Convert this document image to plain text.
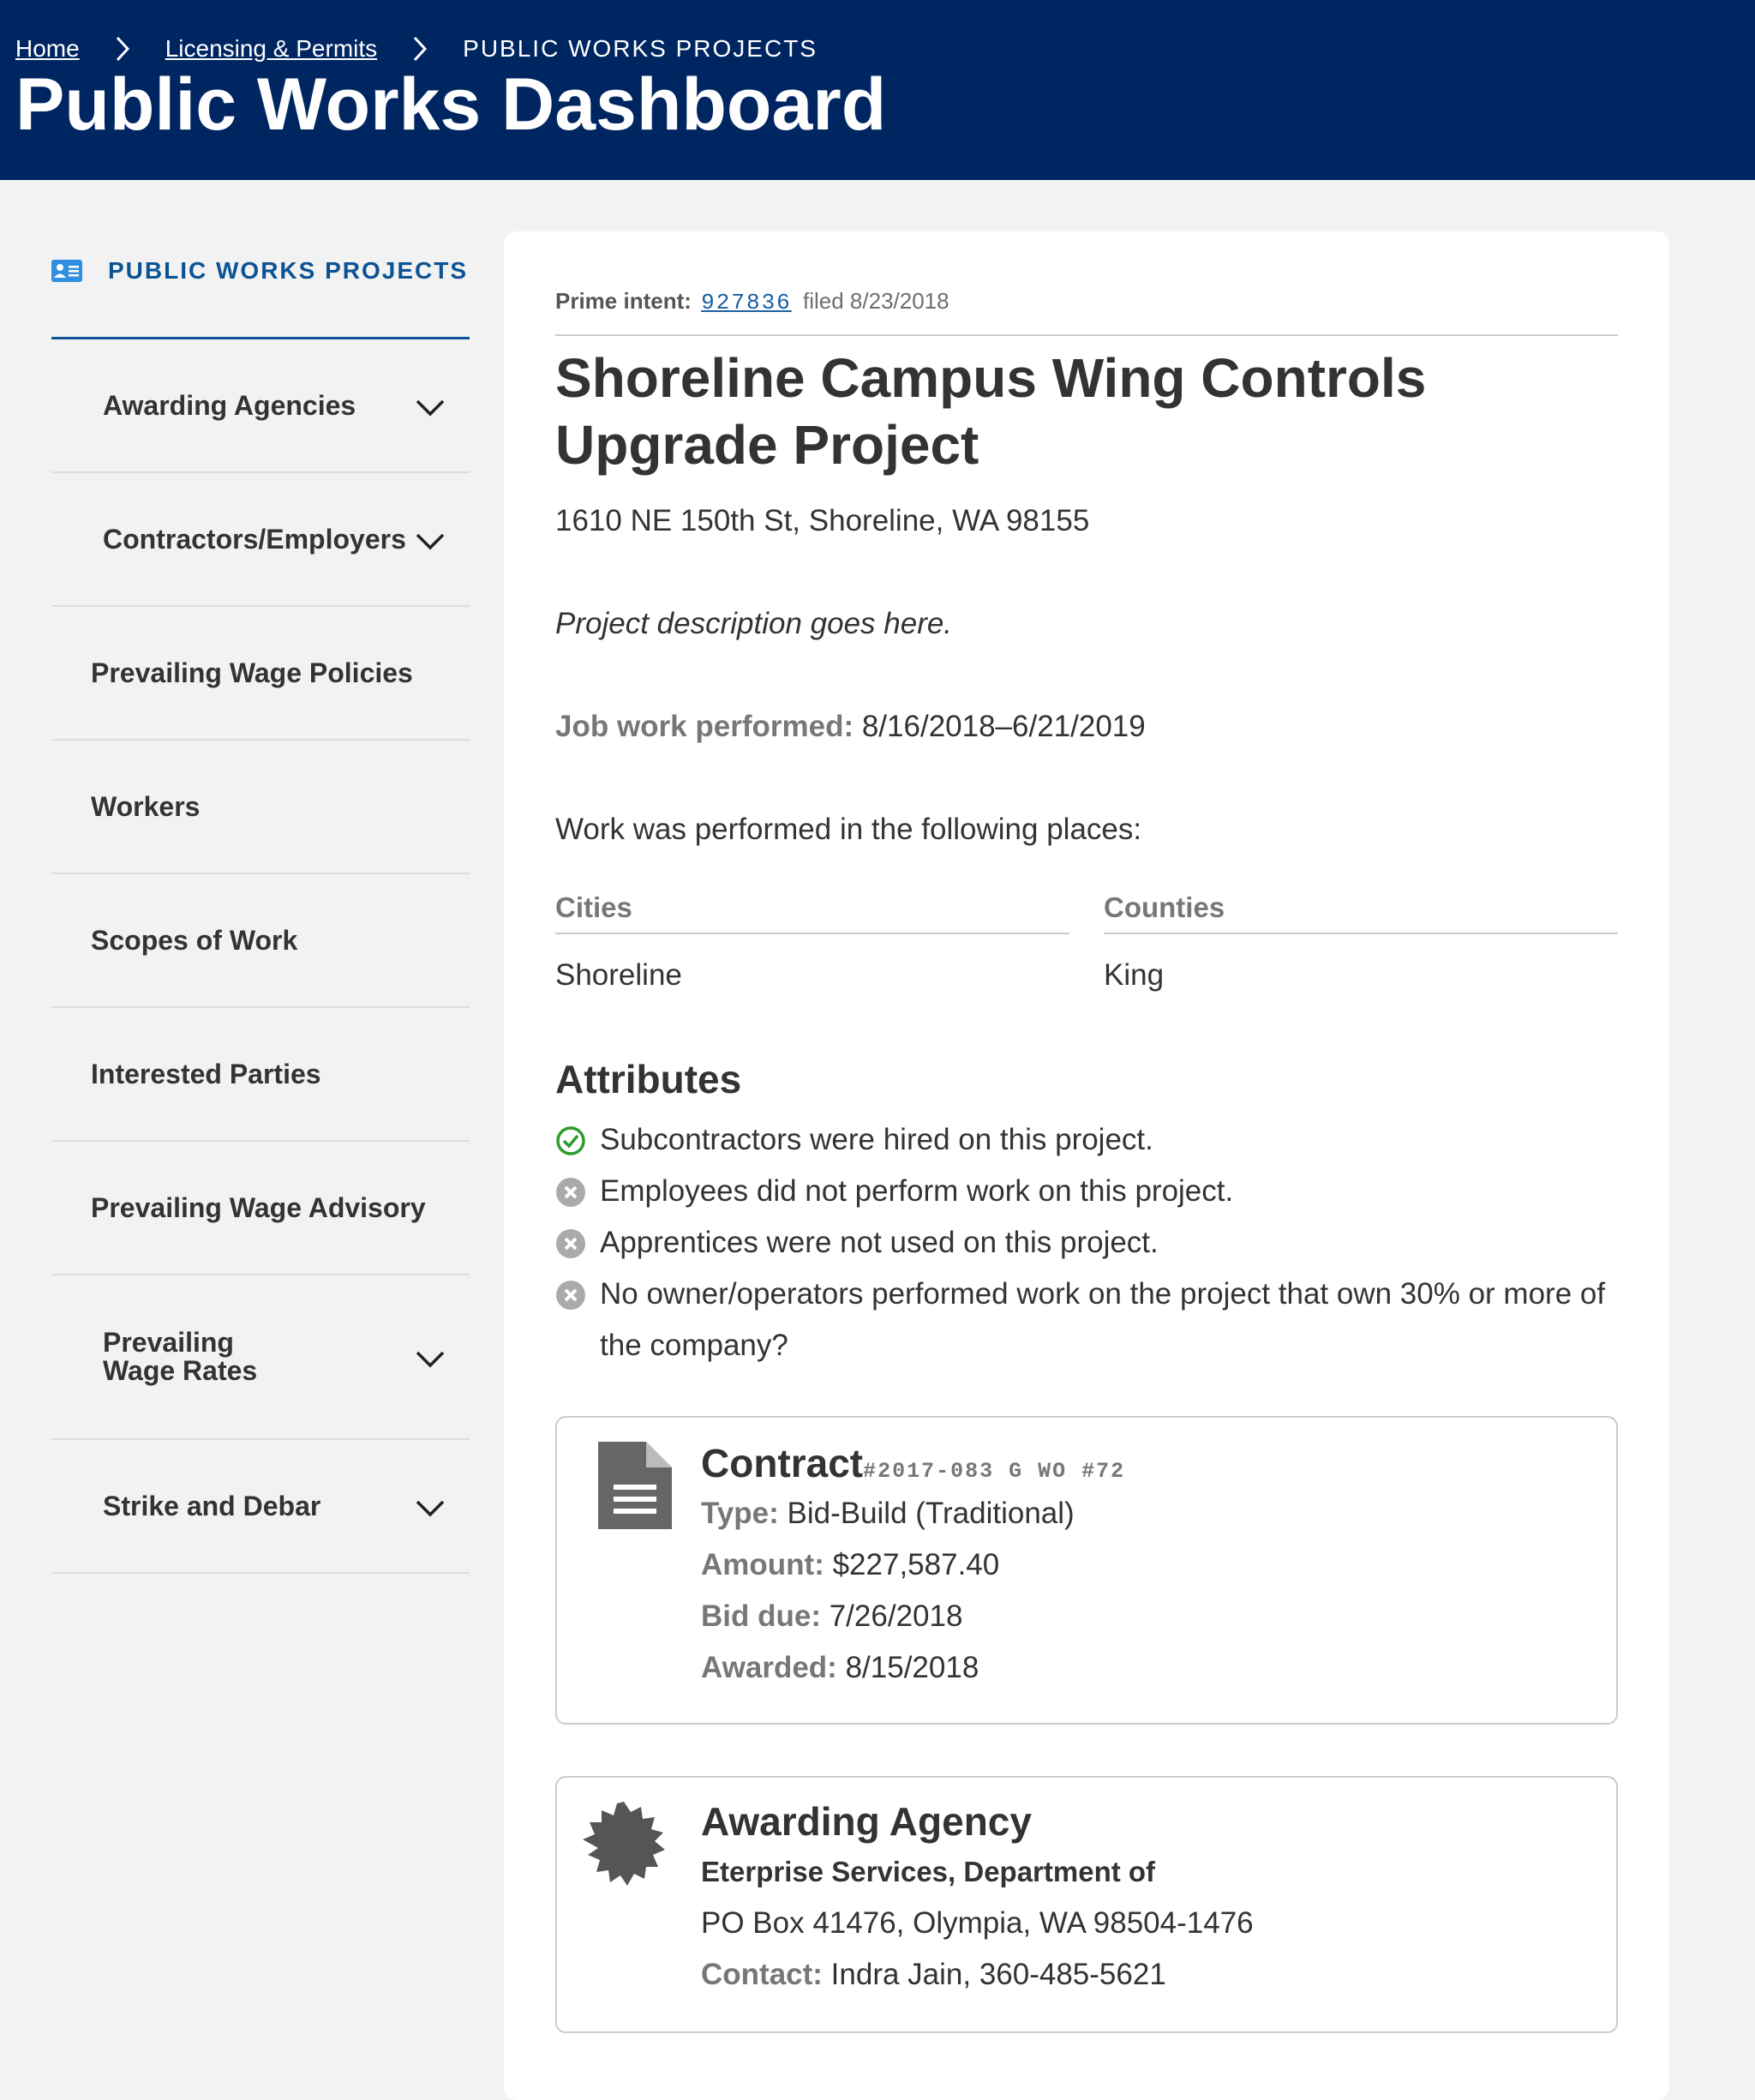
Home	Licensing & Permits	PUBLIC WORKS PROJECTS
Public Works Dashboard
PUBLIC WORKS PROJECTS
Awarding Agencies
Contractors/Employers
Prevailing Wage Policies
Workers
Scopes of Work
Interested Parties
Prevailing Wage Advisory
Prevailing Wage Rates
Strike and Debar
Prime intent: 927836 filed 8/23/2018
Shoreline Campus Wing Controls Upgrade Project
1610 NE 150th St, Shoreline, WA 98155
Project description goes here.
Job work performed: 8/16/2018–6/21/2019
Work was performed in the following places:
Cities
Shoreline
Counties
King
Attributes
Subcontractors were hired on this project.
Employees did not perform work on this project.
Apprentices were not used on this project.
No owner/operators performed work on the project that own 30% or more of the company?
Contract#2017-083 G WO #72
Type: Bid-Build (Traditional)
Amount: $227,587.40
Bid due: 7/26/2018
Awarded: 8/15/2018
Awarding Agency
Eterprise Services, Department of
PO Box 41476, Olympia, WA 98504-1476
Contact: Indra Jain, 360-485-5621
